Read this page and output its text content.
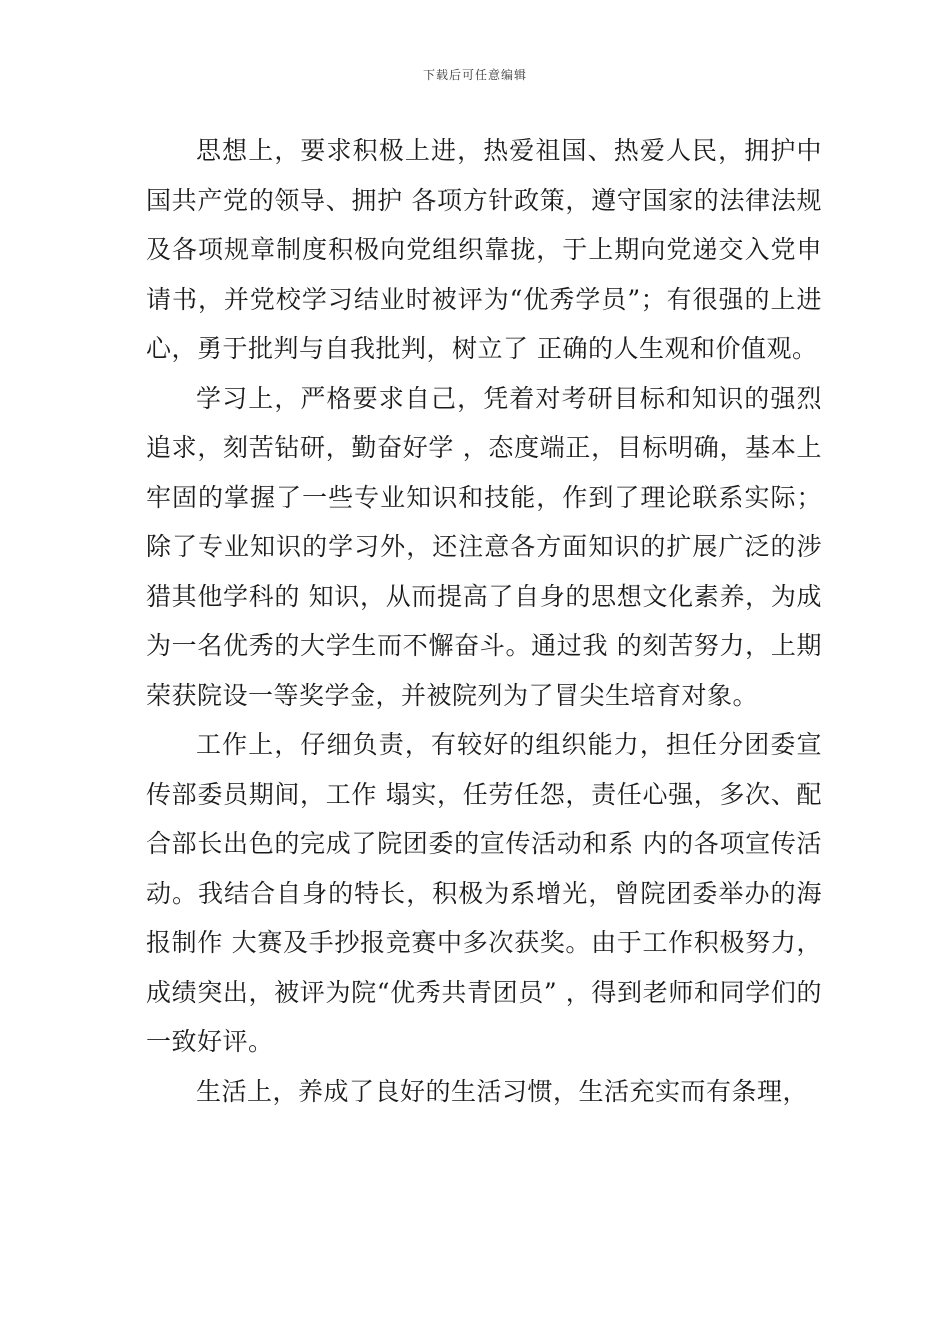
下载后可任意编辑

思想上，要求积极上进，热爱祖国、热爱人民，拥护中国共产党的领导、拥护 各项方针政策，遵守国家的法律法规及各项规章制度积极向党组织靠拢，于上期向党递交入党申请书，并党校学习结业时被评为“优秀学员”；有很强的上进心，勇于批判与自我批判，树立了 正确的人生观和价值观。

学习上，严格要求自己，凭着对考研目标和知识的强烈追求，刻苦钻研，勤奋好学 ，态度端正，目标明确，基本上牢固的掌握了一些专业知识和技能，作到了理论联系实际；除了专业知识的学习外，还注意各方面知识的扩展广泛的涉猎其他学科的 知识，从而提高了自身的思想文化素养，为成为一名优秀的大学生而不懈奋斗。通过我 的刻苦努力，上期荣获院设一等奖学金，并被院列为了冒尖生培育对象。

工作上，仔细负责，有较好的组织能力，担任分团委宣传部委员期间，工作 塌实，任劳任怨，责任心强，多次、配合部长出色的完成了院团委的宣传活动和系 内的各项宣传活动。我结合自身的特长，积极为系增光，曾院团委举办的海报制作 大赛及手抄报竞赛中多次获奖。由于工作积极努力，成绩突出，被评为院“优秀共青团员” ，得到老师和同学们的一致好评。

生活上，养成了良好的生活习惯，生活充实而有条理，
